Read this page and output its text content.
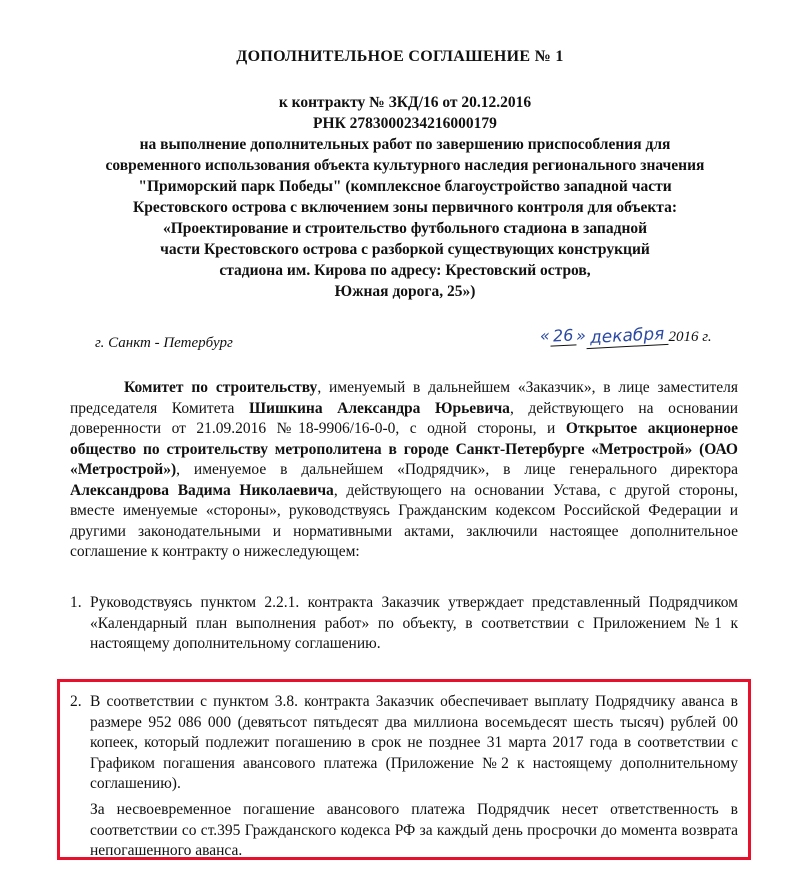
ДОПОЛНИТЕЛЬНОЕ СОГЛАШЕНИЕ № 1
к контракту № ЗКД/16 от 20.12.2016
РНК 2783000234216000179
на выполнение дополнительных работ по завершению приспособления для
современного использования объекта культурного наследия регионального значения
"Приморский парк Победы" (комплексное благоустройство западной части
Крестовского острова с включением зоны первичного контроля для объекта:
«Проектирование и строительство футбольного стадиона в западной
части Крестовского острова с разборкой существующих конструкций
стадиона им. Кирова по адресу: Крестовский остров,
Южная дорога, 25»)
г. Санкт - Петербург	« 26 » декабря 2016 г.
Комитет по строительству, именуемый в дальнейшем «Заказчик», в лице заместителя председателя Комитета Шишкина Александра Юрьевича, действующего на основании доверенности от 21.09.2016 №18-9906/16-0-0, с одной стороны, и Открытое акционерное общество по строительству метрополитена в городе Санкт-Петербурге «Метрострой» (ОАО «Метрострой»), именуемое в дальнейшем «Подрядчик», в лице генерального директора Александрова Вадима Николаевича, действующего на основании Устава, с другой стороны, вместе именуемые «стороны», руководствуясь Гражданским кодексом Российской Федерации и другими законодательными и нормативными актами, заключили настоящее дополнительное соглашение к контракту о нижеследующем:
1. Руководствуясь пунктом 2.2.1. контракта Заказчик утверждает представленный Подрядчиком «Календарный план выполнения работ» по объекту, в соответствии с Приложением №1 к настоящему дополнительному соглашению.
2. В соответствии с пунктом 3.8. контракта Заказчик обеспечивает выплату Подрядчику аванса в размере 952 086 000 (девятьсот пятьдесят два миллиона восемьдесят шесть тысяч) рублей 00 копеек, который подлежит погашению в срок не позднее 31 марта 2017 года в соответствии с Графиком погашения авансового платежа (Приложение №2 к настоящему дополнительному соглашению).
За несвоевременное погашение авансового платежа Подрядчик несет ответственность в соответствии со ст.395 Гражданского кодекса РФ за каждый день просрочки до момента возврата непогашенного аванса.
